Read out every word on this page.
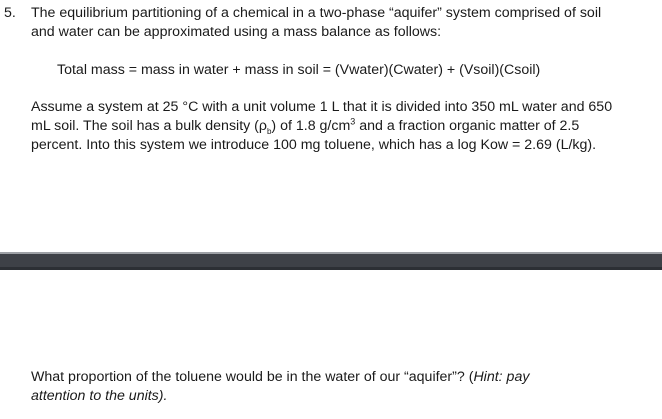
5. The equilibrium partitioning of a chemical in a two-phase “aquifer” system comprised of soil
and water can be approximated using a mass balance as follows:
Total mass = mass in water + mass in soil = (Vwater)(Cwater) + (Vsoil)(Csoil)
Assume a system at 25 °C with a unit volume 1 L that it is divided into 350 mL water and 650
mL soil. The soil has a bulk density $(\rho_b)$ of 1.8 $g/cm^3$ and a fraction organic matter of 2.5
percent. Into this system we introduce 100 mg toluene, which has a log Kow = 2.69 (L/kg).
What proportion of the toluene would be in the water of our “aquifer”? (Hint: pay
attention to the units).
